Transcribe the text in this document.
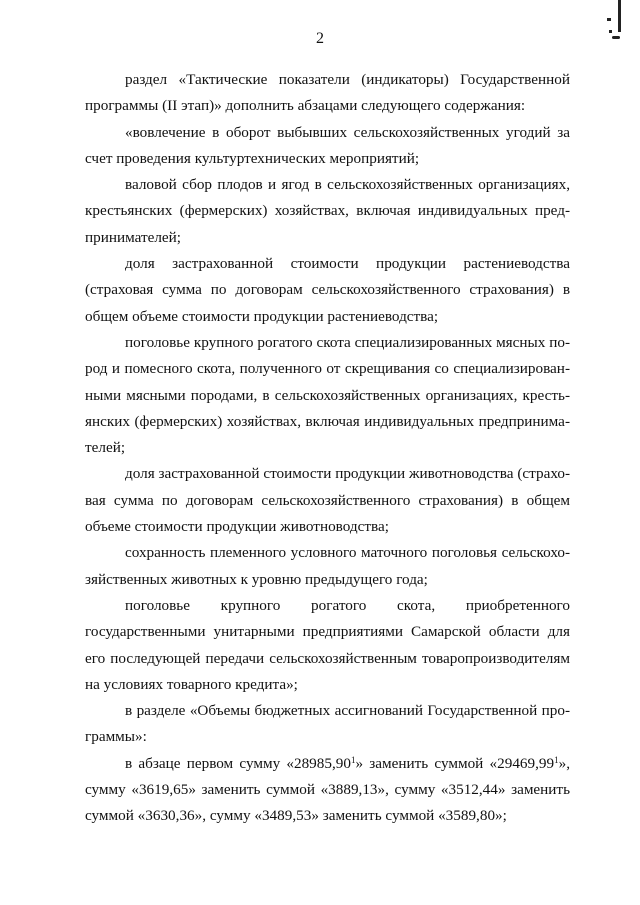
2

раздел «Тактические показатели (индикаторы) Государственной программы (II этап)» дополнить абзацами следующего содержания:

«вовлечение в оборот выбывших сельскохозяйственных угодий за счет проведения культуртехнических мероприятий;

валовой сбор плодов и ягод в сельскохозяйственных организациях, крестьянских (фермерских) хозяйствах, включая индивидуальных предпринимателей;

доля застрахованной стоимости продукции растениеводства (страховая сумма по договорам сельскохозяйственного страхования) в общем объеме стоимости продукции растениеводства;

поголовье крупного рогатого скота специализированных мясных пород и помесного скота, полученного от скрещивания со специализированными мясными породами, в сельскохозяйственных организациях, крестьянских (фермерских) хозяйствах, включая индивидуальных предпринимателей;

доля застрахованной стоимости продукции животноводства (страховая сумма по договорам сельскохозяйственного страхования) в общем объеме стоимости продукции животноводства;

сохранность племенного условного маточного поголовья сельскохозяйственных животных к уровню предыдущего года;

поголовье крупного рогатого скота, приобретенного государственными унитарными предприятиями Самарской области для его последующей передачи сельскохозяйственным товаропроизводителям на условиях товарного кредита»;

в разделе «Объемы бюджетных ассигнований Государственной программы»:

в абзаце первом сумму «28985,90$^1$» заменить суммой «29469,99$^1$», сумму «3619,65» заменить суммой «3889,13», сумму «3512,44» заменить суммой «3630,36», сумму «3489,53» заменить суммой «3589,80»;
